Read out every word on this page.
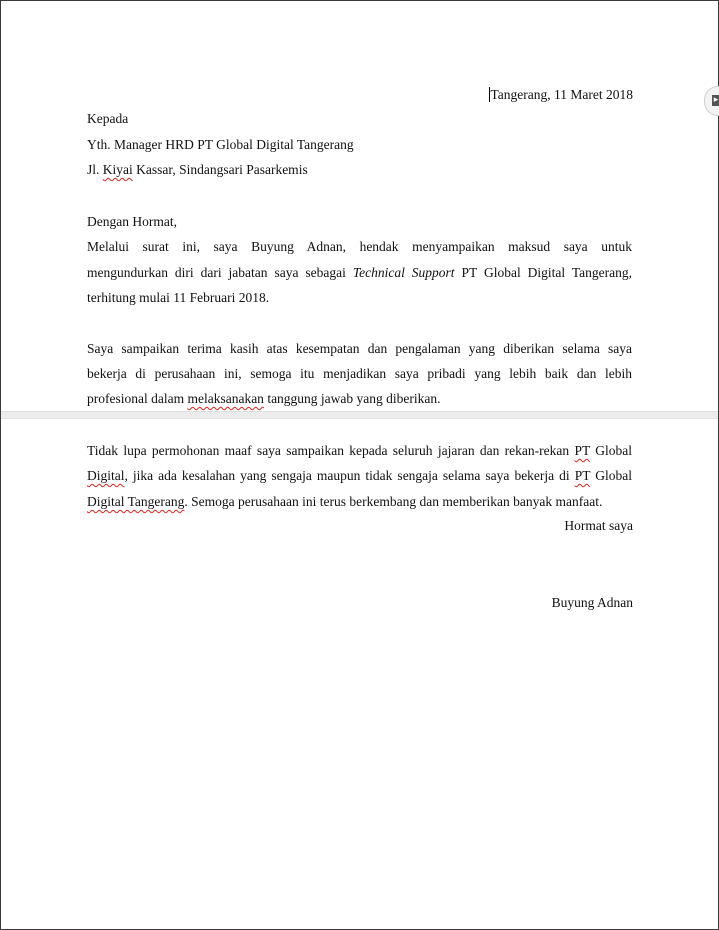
▸
Tangerang, 11 Maret 2018
Kepada
Yth. Manager HRD PT Global Digital Tangerang
Jl. Kiyai Kassar, Sindangsari Pasarkemis
Dengan Hormat,
Melalui surat ini, saya Buyung Adnan, hendak menyampaikan maksud saya untuk
mengundurkan diri dari jabatan saya sebagai Technical Support PT Global Digital Tangerang,
terhitung mulai 11 Februari 2018.
Saya sampaikan terima kasih atas kesempatan dan pengalaman yang diberikan selama saya
bekerja di perusahaan ini, semoga itu menjadikan saya pribadi yang lebih baik dan lebih
profesional dalam melaksanakan tanggung jawab yang diberikan.
Tidak lupa permohonan maaf saya sampaikan kepada seluruh jajaran dan rekan-rekan PT Global
Digital, jika ada kesalahan yang sengaja maupun tidak sengaja selama saya bekerja di PT Global
Digital Tangerang. Semoga perusahaan ini terus berkembang dan memberikan banyak manfaat.
Hormat saya
Buyung Adnan
